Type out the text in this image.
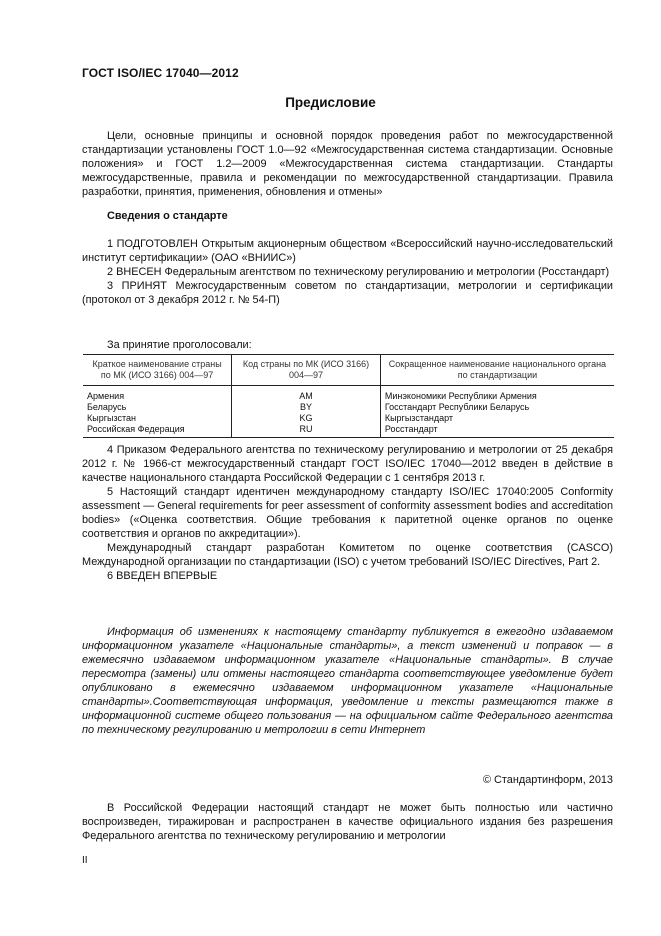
ГОСТ ISO/IEC 17040—2012
Предисловие

Цели, основные принципы и основной порядок проведения работ по межгосударственной стандартизации установлены ГОСТ 1.0—92 «Межгосударственная система стандартизации. Основные положения» и ГОСТ 1.2—2009 «Межгосударственная система стандартизации. Стандарты межгосударственные, правила и рекомендации по межгосударственной стандартизации. Правила разработки, принятия, применения, обновления и отмены»

Сведения о стандарте

1 ПОДГОТОВЛЕН Открытым акционерным обществом «Всероссийский научно-исследовательский институт сертификации» (ОАО «ВНИИС»)

2 ВНЕСЕН Федеральным агентством по техническому регулированию и метрологии (Росстандарт)

3 ПРИНЯТ Межгосударственным советом по стандартизации, метрологии и сертификации (протокол от 3 декабря 2012 г. № 54-П)

За принятие проголосовали:
Краткое наименование страны по МК (ИСО 3166) 004—97	Код страны по МК (ИСО 3166) 004—97	Сокращенное наименование национального органа по стандартизации
Армения	AM	Минэкономики Республики Армения
Беларусь	BY	Госстандарт Республики Беларусь
Кыргызстан	KG	Кыргызстандарт
Российская Федерация	RU	Росстандарт

4 Приказом Федерального агентства по техническому регулированию и метрологии от 25 декабря 2012 г. № 1966-ст межгосударственный стандарт ГОСТ ISO/IEC 17040—2012 введен в действие в качестве национального стандарта Российской Федерации с 1 сентября 2013 г.

5 Настоящий стандарт идентичен международному стандарту ISO/IEC 17040:2005 Conformity assessment — General requirements for peer assessment of conformity assessment bodies and accreditation bodies» («Оценка соответствия. Общие требования к паритетной оценке органов по оценке соответствия и органов по аккредитации»).

Международный стандарт разработан Комитетом по оценке соответствия (CASCO) Международной организации по стандартизации (ISO) с учетом требований ISO/IEC Directives, Part 2.

6 ВВЕДЕН ВПЕРВЫЕ

Информация об изменениях к настоящему стандарту публикуется в ежегодно издаваемом информационном указателе «Национальные стандарты», а текст изменений и поправок — в ежемесячно издаваемом информационном указателе «Национальные стандарты». В случае пересмотра (замены) или отмены настоящего стандарта соответствующее уведомление будет опубликовано в ежемесячно издаваемом информационном указателе «Национальные стандарты».Соответствующая информация, уведомление и тексты размещаются также в информационной системе общего пользования — на официальном сайте Федерального агентства по техническому регулированию и метрологии в сети Интернет

© Стандартинформ, 2013

В Российской Федерации настоящий стандарт не может быть полностью или частично воспроизведен, тиражирован и распространен в качестве официального издания без разрешения Федерального агентства по техническому регулированию и метрологии

II
